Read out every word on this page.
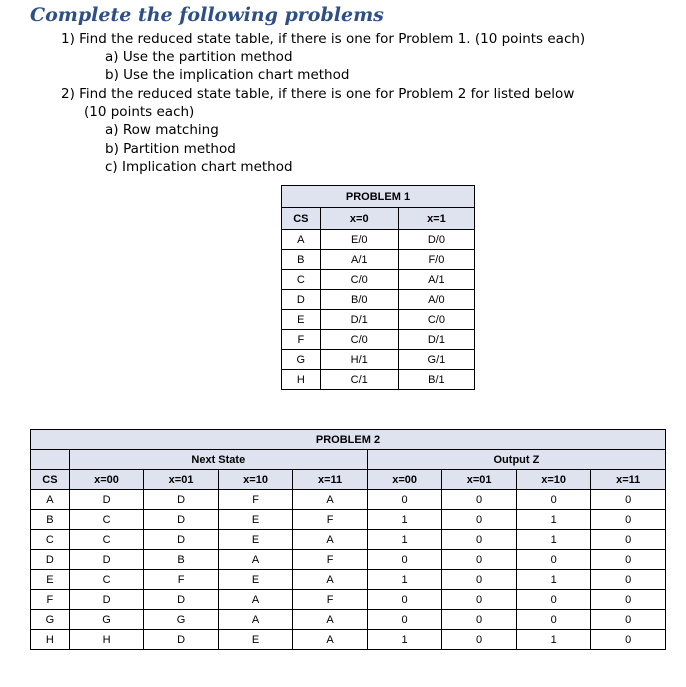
Complete the following problems
1) Find the reduced state table, if there is one for Problem 1. (10 points each)
a) Use the partition method
b) Use the implication chart method
2) Find the reduced state table, if there is one for Problem 2 for listed below
(10 points each)
a) Row matching
b) Partition method
c) Implication chart method
PROBLEM 1		
CS	x=0	x=1
A	E/0	D/0
B	A/1	F/0
C	C/0	A/1
D	B/0	A/0
E	D/1	C/0
F	C/0	D/1
G	H/1	G/1
H	C/1	B/1
PROBLEM 2								
	Next State				Output Z			
CS	x=00	x=01	x=10	x=11	x=00	x=01	x=10	x=11
A	D	D	F	A	0	0	0	0
B	C	D	E	F	1	0	1	0
C	C	D	E	A	1	0	1	0
D	D	B	A	F	0	0	0	0
E	C	F	E	A	1	0	1	0
F	D	D	A	F	0	0	0	0
G	G	G	A	A	0	0	0	0
H	H	D	E	A	1	0	1	0
